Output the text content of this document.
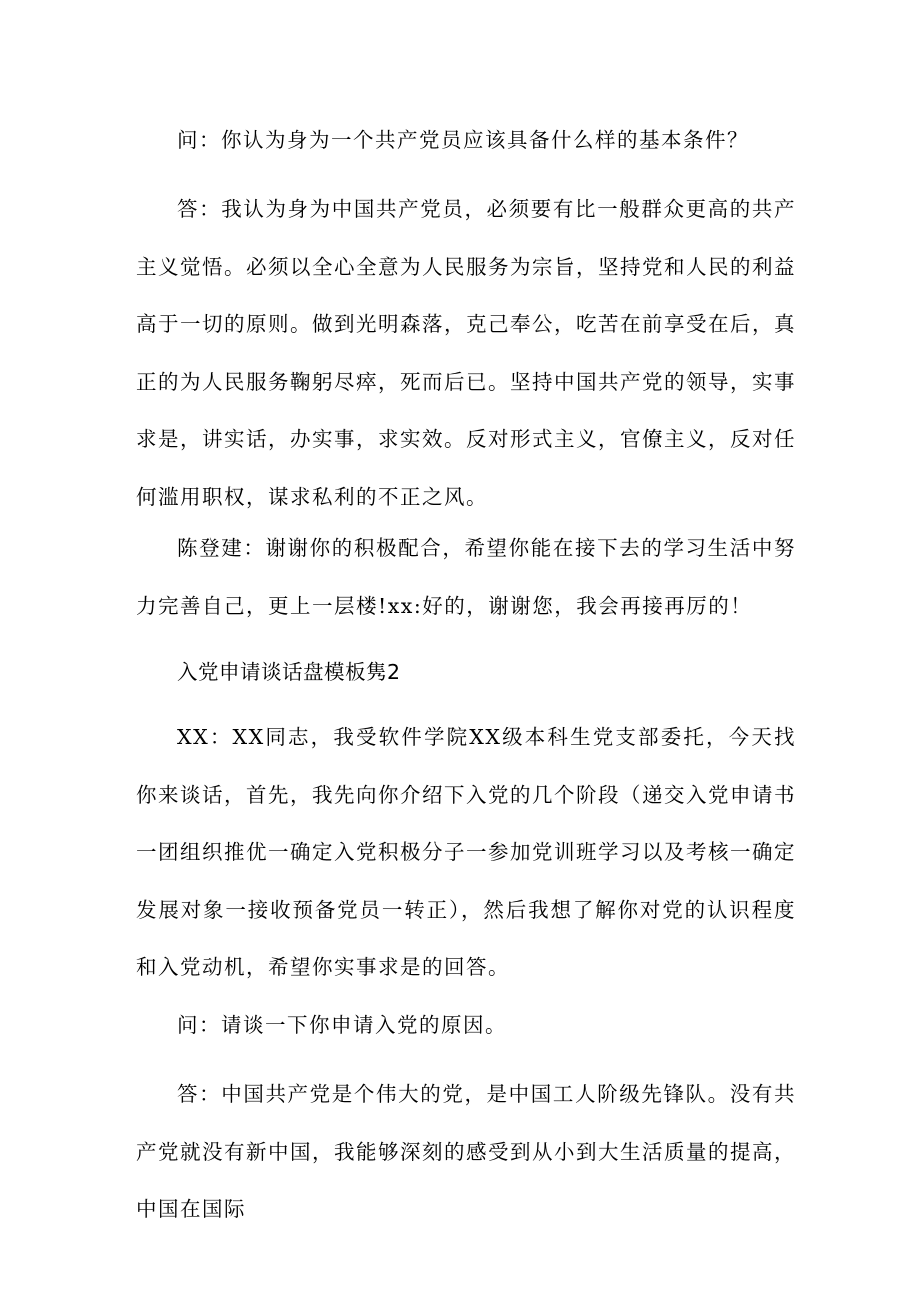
问：你认为身为一个共产党员应该具备什么样的基本条件？

答：我认为身为中国共产党员，必须要有比一般群众更高的共产主义觉悟。必须以全心全意为人民服务为宗旨，坚持党和人民的利益高于一切的原则。做到光明森落，克己奉公，吃苦在前享受在后，真正的为人民服务鞠躬尽瘁，死而后已。坚持中国共产党的领导，实事求是，讲实话，办实事，求实效。反对形式主义，官僚主义，反对任何滥用职权，谋求私利的不正之风。

陈登建：谢谢你的积极配合，希望你能在接下去的学习生活中努力完善自己，更上一层楼!xx:好的，谢谢您，我会再接再厉的！

入党申请谈话盘模板隽2

XX：XX同志，我受软件学院XX级本科生党支部委托，今天找你来谈话，首先，我先向你介绍下入党的几个阶段（递交入党申请书一团组织推优一确定入党积极分子一参加党训班学习以及考核一确定发展对象一接收预备党员一转正），然后我想了解你对党的认识程度和入党动机，希望你实事求是的回答。

问：请谈一下你申请入党的原因。

答：中国共产党是个伟大的党，是中国工人阶级先锋队。没有共产党就没有新中国，我能够深刻的感受到从小到大生活质量的提高，中国在国际
